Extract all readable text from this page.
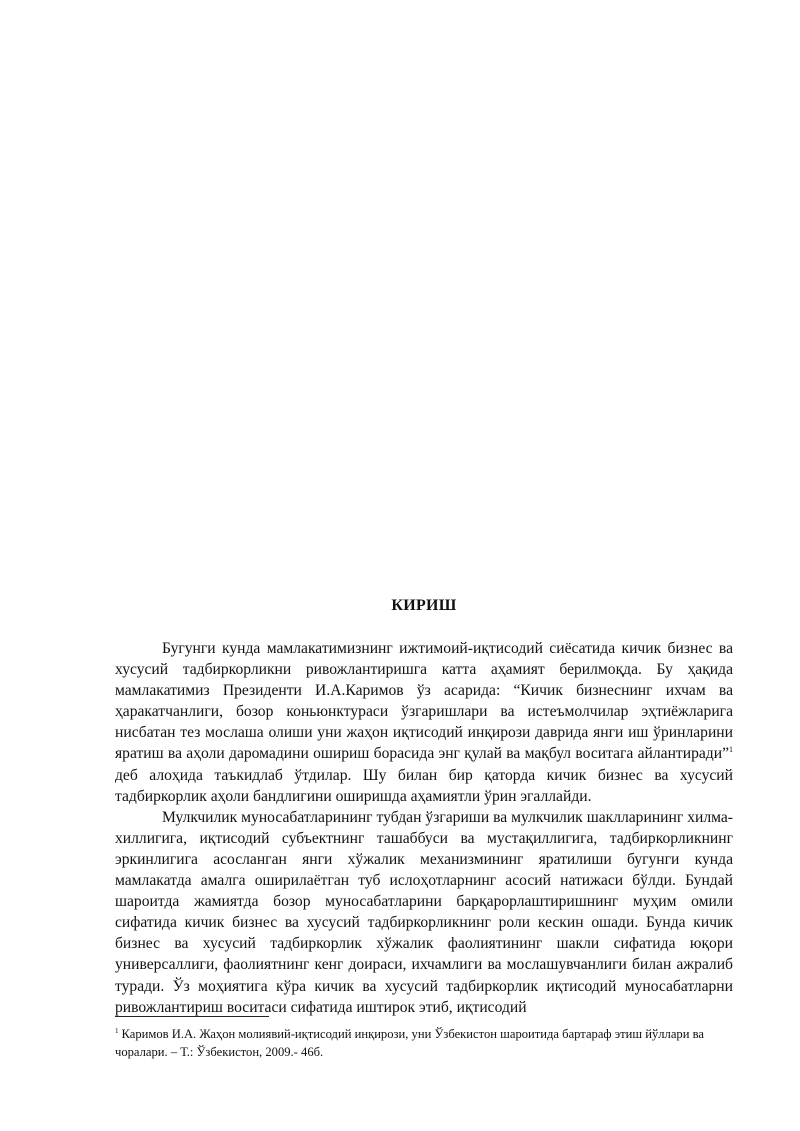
КИРИШ

Бугунги кунда мамлакатимизнинг ижтимоий-иқтисодий сиёсатида кичик бизнес ва хусусий тадбиркорликни ривожлантиришга катта аҳамият берилмоқда. Бу ҳақида мамлакатимиз Президенти И.А.Каримов ўз асарида: “Кичик бизнеснинг ихчам ва ҳаракатчанлиги, бозор коньюнктураси ўзгаришлари ва истеъмолчилар эҳтиёжларига нисбатан тез мослаша олиши уни жаҳон иқтисодий инқирози даврида янги иш ўринларини яратиш ва аҳоли даромадини ошириш борасида энг қулай ва мақбул воситага айлантиради”$^1$ деб алоҳида таъкидлаб ўтдилар. Шу билан бир қаторда кичик бизнес ва хусусий тадбиркорлик аҳоли бандлигини оширишда аҳамиятли ўрин эгаллайди.

Мулкчилик муносабатларининг тубдан ўзгариши ва мулкчилик шаклларининг хилма-хиллигига, иқтисодий субъектнинг ташаббуси ва мустақиллигига, тадбиркорликнинг эркинлигига асосланган янги хўжалик механизмининг яратилиши бугунги кунда мамлакатда амалга оширилаётган туб ислоҳотларнинг асосий натижаси бўлди. Бундай шароитда жамиятда бозор муносабатларини барқарорлаштиришнинг муҳим омили сифатида кичик бизнес ва хусусий тадбиркорликнинг роли кескин ошади. Бунда кичик бизнес ва хусусий тадбиркорлик хўжалик фаолиятининг шакли сифатида юқори универсаллиги, фаолиятнинг кенг доираси, ихчамлиги ва мослашувчанлиги билан ажралиб туради. Ўз моҳиятига кўра кичик ва хусусий тадбиркорлик иқтисодий муносабатларни ривожлантириш воситаси сифатида иштирок этиб, иқтисодий

$^1$ Каримов И.А. Жаҳон молиявий-иқтисодий инқирози, уни Ўзбекистон шароитида бартараф этиш йўллари ва чоралари. – Т.: Ўзбекистон, 2009.- 46б.
